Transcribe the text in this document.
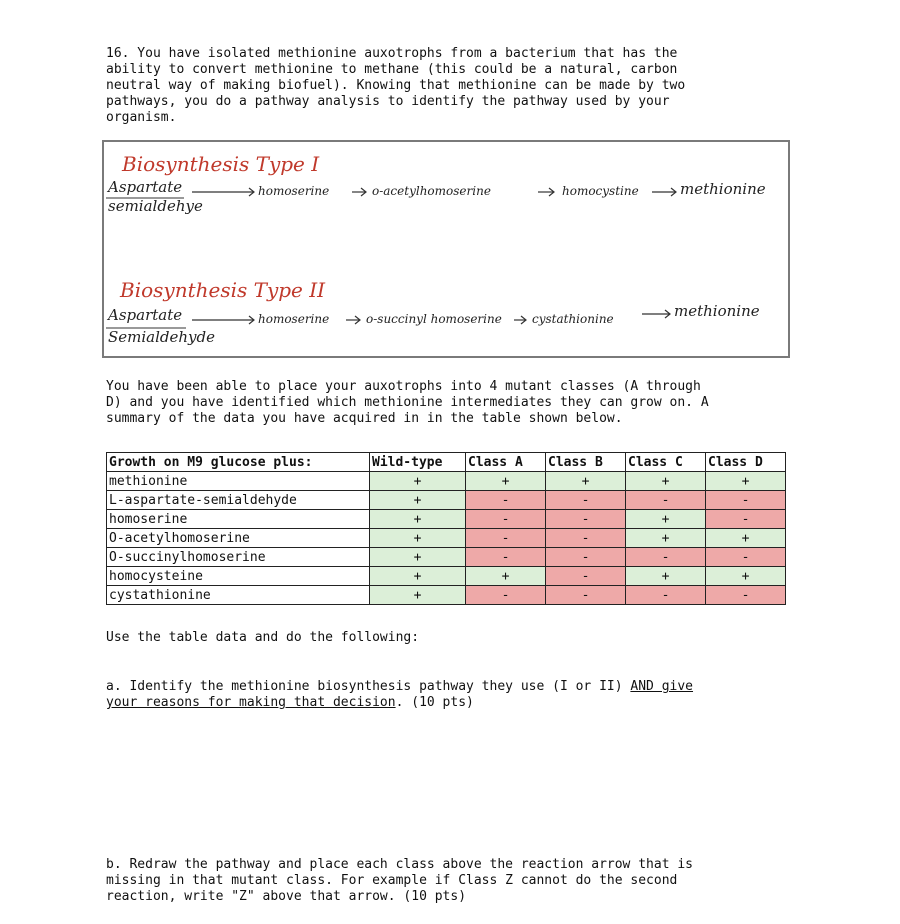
16. You have isolated methionine auxotrophs from a bacterium that has the
ability to convert methionine to methane (this could be a natural, carbon
neutral way of making biofuel). Knowing that methionine can be made by two
pathways, you do a pathway analysis to identify the pathway used by your
organism.

Biosynthesis Type I
Aspartate
semialdehye
homoserine	o-acetylhomoserine	homocystine	methionine
Biosynthesis Type II
Aspartate
Semialdehyde
homoserine	o-succinyl homoserine	cystathionine	methionine

You have been able to place your auxotrophs into 4 mutant classes (A through
D) and you have identified which methionine intermediates they can grow on. A
summary of the data you have acquired in in the table shown below.

Growth on M9 glucose plus:	Wild-type	Class A	Class B	Class C	Class D
methionine	+	+	+	+	+
L-aspartate-semialdehyde	+	-	-	-	-
homoserine	+	-	-	+	-
O-acetylhomoserine	+	-	-	+	+
O-succinylhomoserine	+	-	-	-	-
homocysteine	+	+	-	+	+
cystathionine	+	-	-	-	-

Use the table data and do the following:

a. Identify the methionine biosynthesis pathway they use (I or II) AND give
your reasons for making that decision. (10 pts)

b. Redraw the pathway and place each class above the reaction arrow that is
missing in that mutant class. For example if Class Z cannot do the second
reaction, write "Z" above that arrow. (10 pts)
